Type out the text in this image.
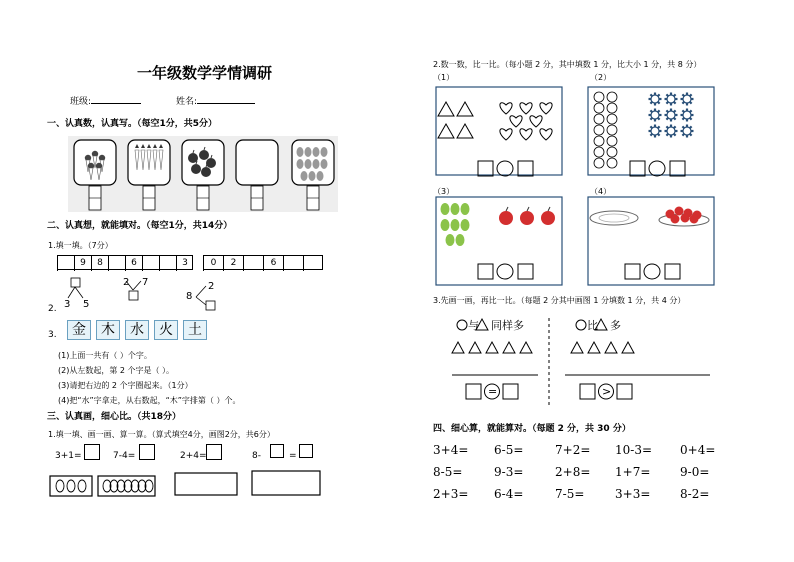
一年级数学学情调研
班级:	姓名:
一、认真数，认真写。（每空1分，共5分）
二、认真想，就能填对。（每空1分，共14分）
1.填一填。（7分）
9	8	6	3	0	2	6
2. 3 5
2 7
8
2
3.	金	木	水	火	土
(1)上面一共有（ ）个字。
(2)从左数起，第 2 个字是（ ）。
(3)请把右边的 2 个字圈起来。（1分）
(4)把“水”字拿走，从右数起，“木”字排第（ ）个。
三、认真画，细心比。（共18分）
1.填一填、画一画、算一算。（算式填空4分，画图2分，共6分）
3+1=	7-4=	2+4=	8-	=
2.数一数，比一比。（每小题 2 分，其中填数 1 分，比大小 1 分，共 8 分）
（1）	（2）
（3）	（4）
3.先画一画，再比一比。（每题 2 分其中画图 1 分填数 1 分，共 4 分）
与 同样多	比 多
=	>
四、细心算，就能算对。（每题 2 分，共 30 分）
3+4= 6-5=	7+2= 10-3= 0+4=
8-5=	9-3=	2+8= 1+7= 9-0=
2+3= 6-4=	7-5=	3+3= 8-2=
